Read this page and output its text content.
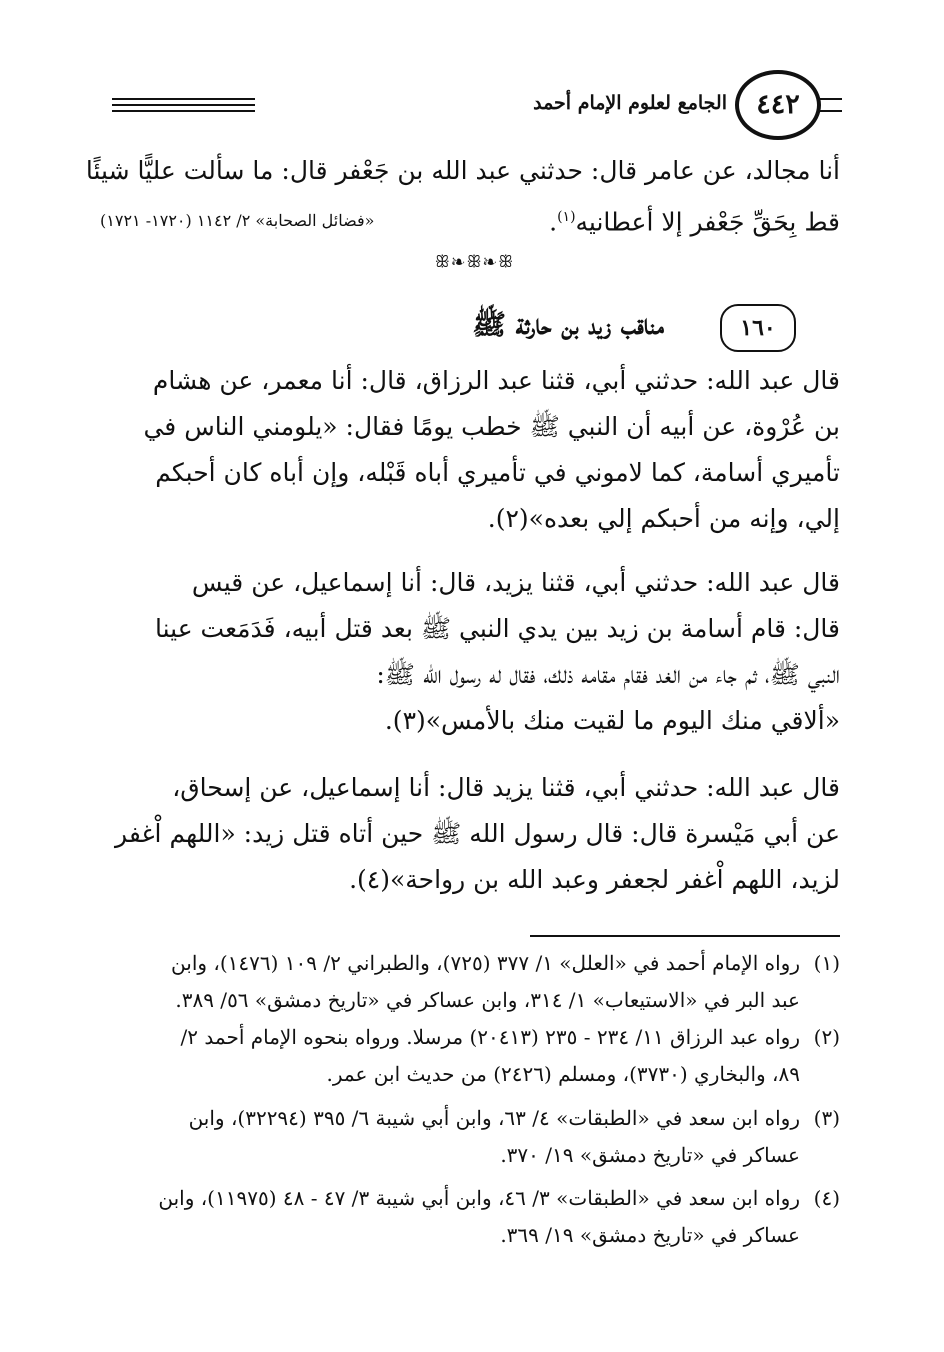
الجامع لعلوم الإمام أحمد	٤٤٢
أنا مجالد، عن عامر قال: حدثني عبد الله بن جَعْفر قال: ما سألت عليًّا شيئًا
قط بِحَقِّ جَعْفر إلا أعطانيه$^{(١)}$.
«فضائل الصحابة» ٢/ ١١٤٢ (١٧٢٠- ١٧٢١)
ꕥ❧ꕥ❧ꕥ
مناقب زيد بن حارثة ﷺ	١٦٠
قال عبد الله: حدثني أبي، قثنا عبد الرزاق، قال: أنا معمر، عن هشام
بن عُرْوة، عن أبيه أن النبي ﷺ خطب يومًا فقال: «يلومني الناس في
تأميري أسامة، كما لاموني في تأميري أباه قَبْله، وإن أباه كان أحبكم
إلي، وإنه من أحبكم إلي بعده»(٢).
قال عبد الله: حدثني أبي، قثنا يزيد، قال: أنا إسماعيل، عن قيس
قال: قام أسامة بن زيد بين يدي النبي ﷺ بعد قتل أبيه، فَدَمَعت عينا
النبي ﷺ، ثم جاء من الغد فقام مقامه ذلك، فقال له رسول الله ﷺ:
«ألاقي منك اليوم ما لقيت منك بالأمس»(٣).
قال عبد الله: حدثني أبي، قثنا يزيد قال: أنا إسماعيل، عن إسحاق،
عن أبي مَيْسرة قال: قال رسول الله ﷺ حين أتاه قتل زيد: «اللهم اْغفر
لزيد، اللهم اْغفر لجعفر وعبد الله بن رواحة»(٤).
(١)رواه الإمام أحمد في «العلل» ١/ ٣٧٧ (٧٢٥)، والطبراني ٢/ ١٠٩ (١٤٧٦)، وابن
عبد البر في «الاستيعاب» ١/ ٣١٤، وابن عساكر في «تاريخ دمشق» ٥٦/ ٣٨٩.
(٢)رواه عبد الرزاق ١١/ ٢٣٤ - ٢٣٥ (٢٠٤١٣) مرسلا. ورواه بنحوه الإمام أحمد ٢/
٨٩، والبخاري (٣٧٣٠)، ومسلم (٢٤٢٦) من حديث ابن عمر.
(٣)رواه ابن سعد في «الطبقات» ٤/ ٦٣، وابن أبي شيبة ٦/ ٣٩٥ (٣٢٢٩٤)، وابن
عساكر في «تاريخ دمشق» ١٩/ ٣٧٠.
(٤)رواه ابن سعد في «الطبقات» ٣/ ٤٦، وابن أبي شيبة ٣/ ٤٧ - ٤٨ (١١٩٧٥)، وابن
عساكر في «تاريخ دمشق» ١٩/ ٣٦٩.
